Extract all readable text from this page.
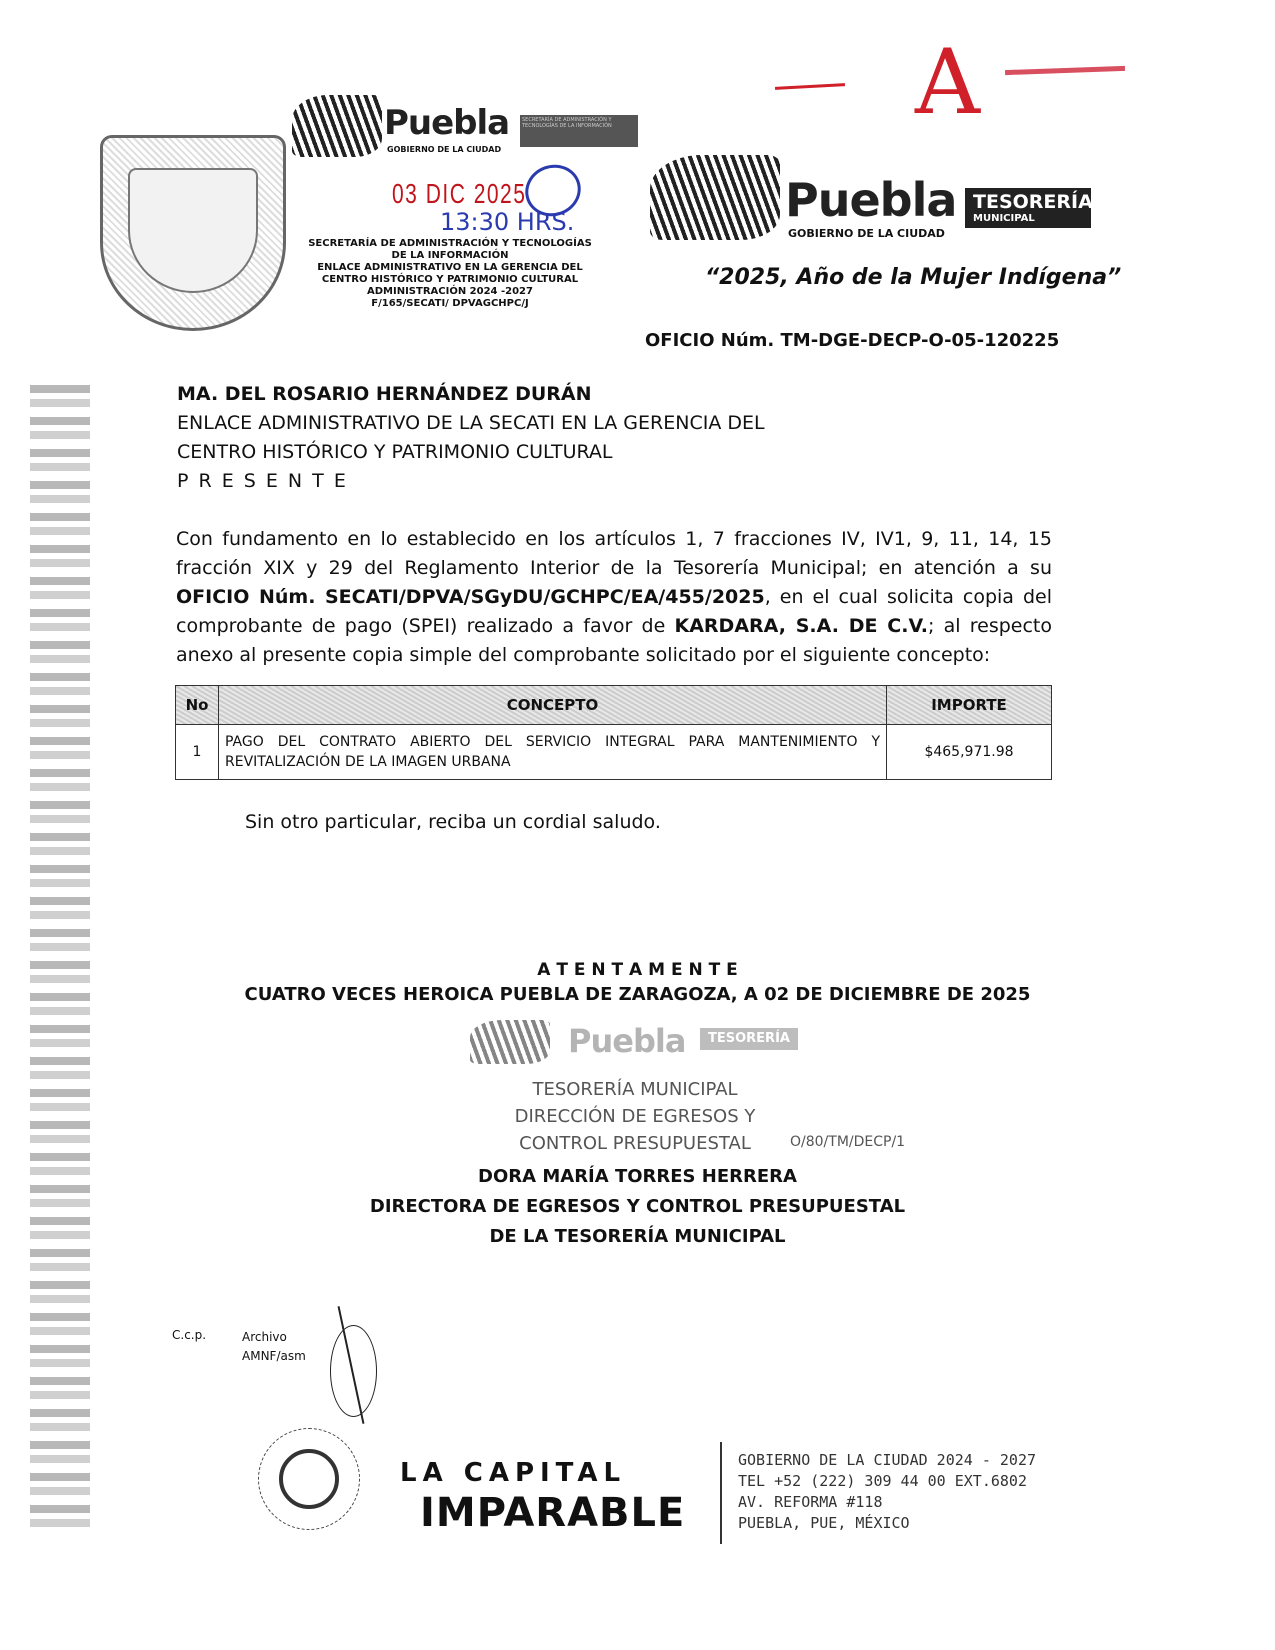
Puebla
GOBIERNO DE LA CIUDAD
SECRETARÍA DE ADMINISTRACIÓN Y TECNOLOGÍAS DE LA INFORMACIÓN
03 DIC 2025
13:30 HRS.
SECRETARÍA DE ADMINISTRACIÓN Y TECNOLOGÍAS
DE LA INFORMACIÓN
ENLACE ADMINISTRATIVO EN LA GERENCIA DEL
CENTRO HISTÓRICO Y PATRIMONIO CULTURAL
ADMINISTRACIÓN 2024 -2027
F/165/SECATI/ DPVAGCHPC/J
A
Puebla
GOBIERNO DE LA CIUDAD
TESORERÍA
MUNICIPAL
“2025, Año de la Mujer Indígena”
OFICIO Núm. TM-DGE-DECP-O-05-120225
MA. DEL ROSARIO HERNÁNDEZ DURÁN
ENLACE ADMINISTRATIVO DE LA SECATI EN LA GERENCIA DEL
CENTRO HISTÓRICO Y PATRIMONIO CULTURAL
P R E S E N T E
Con fundamento en lo establecido en los artículos 1, 7 fracciones IV, IV1, 9, 11, 14, 15 fracción XIX y 29 del Reglamento Interior de la Tesorería Municipal; en atención a su OFICIO Núm. SECATI/DPVA/SGyDU/GCHPC/EA/455/2025, en el cual solicita copia del comprobante de pago (SPEI) realizado a favor de KARDARA, S.A. DE C.V.; al respecto anexo al presente copia simple del comprobante solicitado por el siguiente concepto:
No	CONCEPTO	IMPORTE
1	PAGO DEL CONTRATO ABIERTO DEL SERVICIO INTEGRAL PARA MANTENIMIENTO Y REVITALIZACIÓN DE LA IMAGEN URBANA	$465,971.98
Sin otro particular, reciba un cordial saludo.
A T E N T A M E N T E
CUATRO VECES HEROICA PUEBLA DE ZARAGOZA, A 02 DE DICIEMBRE DE 2025
Puebla	TESORERÍA
TESORERÍA MUNICIPAL
DIRECCIÓN DE EGRESOS Y
CONTROL PRESUPUESTAL	O/80/TM/DECP/1
DORA MARÍA TORRES HERRERA
DIRECTORA DE EGRESOS Y CONTROL PRESUPUESTAL
DE LA TESORERÍA MUNICIPAL
C.c.p.	Archivo
AMNF/asm
LA CAPITAL
IMPARABLE
GOBIERNO DE LA CIUDAD 2024 - 2027
TEL +52 (222) 309 44 00 EXT.6802
AV. REFORMA #118
PUEBLA, PUE, MÉXICO
